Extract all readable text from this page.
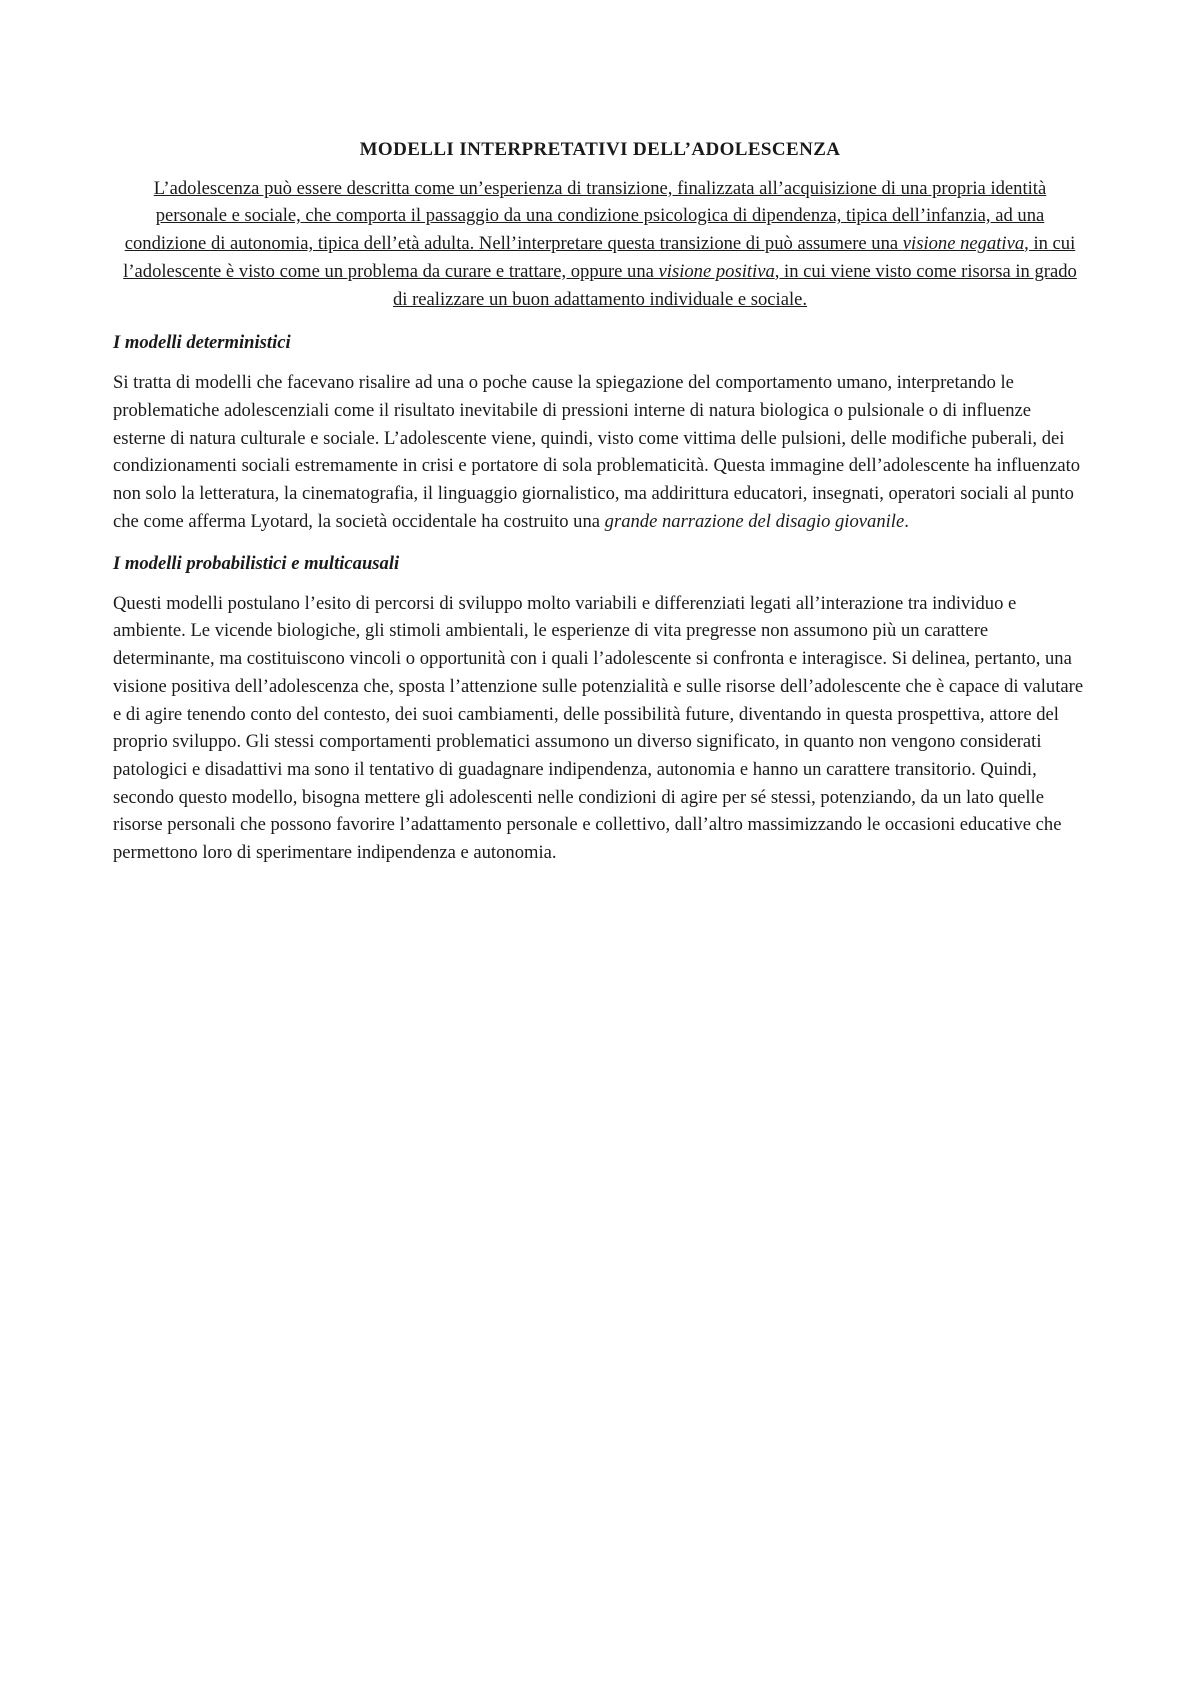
MODELLI INTERPRETATIVI DELL’ADOLESCENZA

L’adolescenza può essere descritta come un’esperienza di transizione, finalizzata all’acquisizione di una propria identità personale e sociale, che comporta il passaggio da una condizione psicologica di dipendenza, tipica dell’infanzia, ad una condizione di autonomia, tipica dell’età adulta. Nell’interpretare questa transizione di può assumere una visione negativa, in cui l’adolescente è visto come un problema da curare e trattare, oppure una visione positiva, in cui viene visto come risorsa in grado di realizzare un buon adattamento individuale e sociale.

I modelli deterministici

Si tratta di modelli che facevano risalire ad una o poche cause la spiegazione del comportamento umano, interpretando le problematiche adolescenziali come il risultato inevitabile di pressioni interne di natura biologica o pulsionale o di influenze esterne di natura culturale e sociale. L’adolescente viene, quindi, visto come vittima delle pulsioni, delle modifiche puberali, dei condizionamenti sociali estremamente in crisi e portatore di sola problematicità. Questa immagine dell’adolescente ha influenzato non solo la letteratura, la cinematografia, il linguaggio giornalistico, ma addirittura educatori, insegnati, operatori sociali al punto che come afferma Lyotard, la società occidentale ha costruito una grande narrazione del disagio giovanile.

I modelli probabilistici e multicausali

Questi modelli postulano l’esito di percorsi di sviluppo molto variabili e differenziati legati all’interazione tra individuo e ambiente. Le vicende biologiche, gli stimoli ambientali, le esperienze di vita pregresse non assumono più un carattere determinante, ma costituiscono vincoli o opportunità con i quali l’adolescente si confronta e interagisce. Si delinea, pertanto, una visione positiva dell’adolescenza che, sposta l’attenzione sulle potenzialità e sulle risorse dell’adolescente che è capace di valutare e di agire tenendo conto del contesto, dei suoi cambiamenti, delle possibilità future, diventando in questa prospettiva, attore del proprio sviluppo. Gli stessi comportamenti problematici assumono un diverso significato, in quanto non vengono considerati patologici e disadattivi ma sono il tentativo di guadagnare indipendenza, autonomia e hanno un carattere transitorio. Quindi, secondo questo modello, bisogna mettere gli adolescenti nelle condizioni di agire per sé stessi, potenziando, da un lato quelle risorse personali che possono favorire l’adattamento personale e collettivo, dall’altro massimizzando le occasioni educative che permettono loro di sperimentare indipendenza e autonomia.
